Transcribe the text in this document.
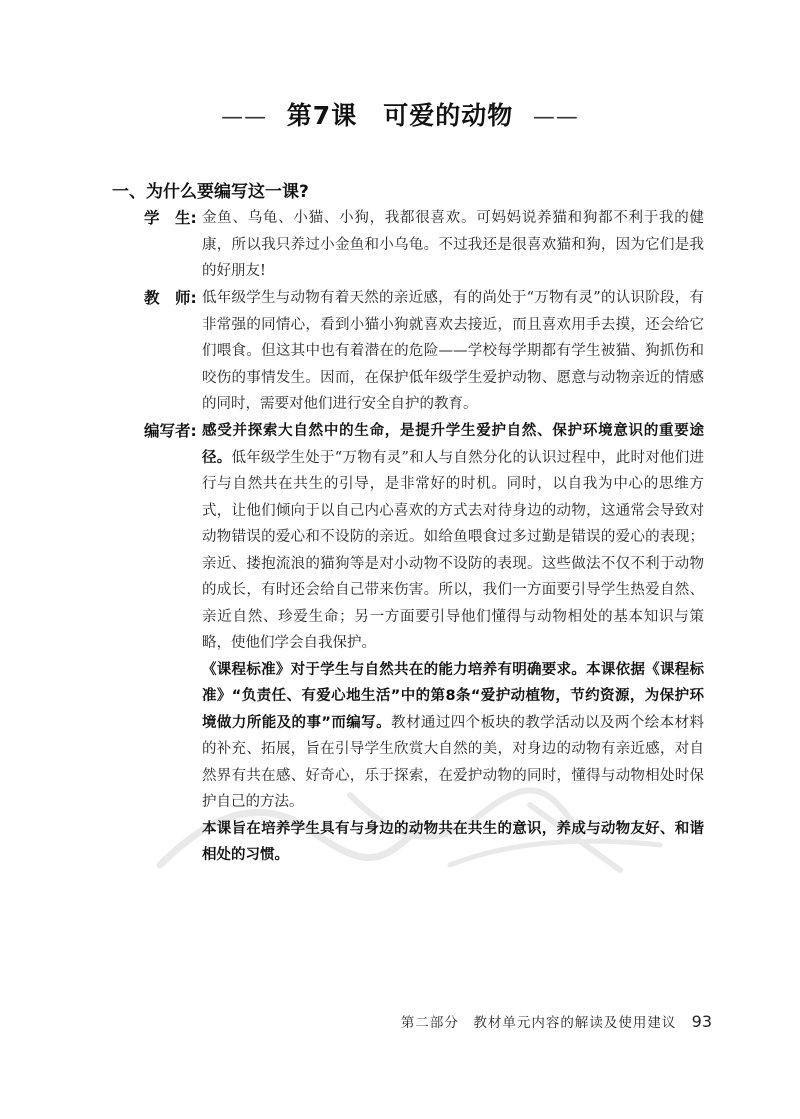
—— 第7课　可爱的动物 ——
一、为什么要编写这一课?
学　生: 金鱼、乌龟、小猫、小狗，我都很喜欢。可妈妈说养猫和狗都不利于我的健康，所以我只养过小金鱼和小乌龟。不过我还是很喜欢猫和狗，因为它们是我的好朋友!

教　师: 低年级学生与动物有着天然的亲近感，有的尚处于“万物有灵”的认识阶段，有非常强的同情心，看到小猫小狗就喜欢去接近，而且喜欢用手去摸，还会给它们喂食。但这其中也有着潜在的危险——学校每学期都有学生被猫、狗抓伤和咬伤的事情发生。因而，在保护低年级学生爱护动物、愿意与动物亲近的情感的同时，需要对他们进行安全自护的教育。

编写者: 感受并探索大自然中的生命，是提升学生爱护自然、保护环境意识的重要途径。低年级学生处于“万物有灵”和人与自然分化的认识过程中，此时对他们进行与自然共在共生的引导，是非常好的时机。同时，以自我为中心的思维方式，让他们倾向于以自己内心喜欢的方式去对待身边的动物，这通常会导致对动物错误的爱心和不设防的亲近。如给鱼喂食过多过勤是错误的爱心的表现；亲近、搂抱流浪的猫狗等是对小动物不设防的表现。这些做法不仅不利于动物的成长，有时还会给自己带来伤害。所以，我们一方面要引导学生热爱自然、亲近自然、珍爱生命；另一方面要引导他们懂得与动物相处的基本知识与策略，使他们学会自我保护。

《课程标准》对于学生与自然共在的能力培养有明确要求。本课依据《课程标准》“负责任、有爱心地生活”中的第8条“爱护动植物，节约资源，为保护环境做力所能及的事”而编写。教材通过四个板块的教学活动以及两个绘本材料的补充、拓展，旨在引导学生欣赏大自然的美，对身边的动物有亲近感，对自然界有共在感、好奇心，乐于探索，在爱护动物的同时，懂得与动物相处时保护自己的方法。

本课旨在培养学生具有与身边的动物共在共生的意识，养成与动物友好、和谐相处的习惯。

第二部分　教材单元内容的解读及使用建议 93
